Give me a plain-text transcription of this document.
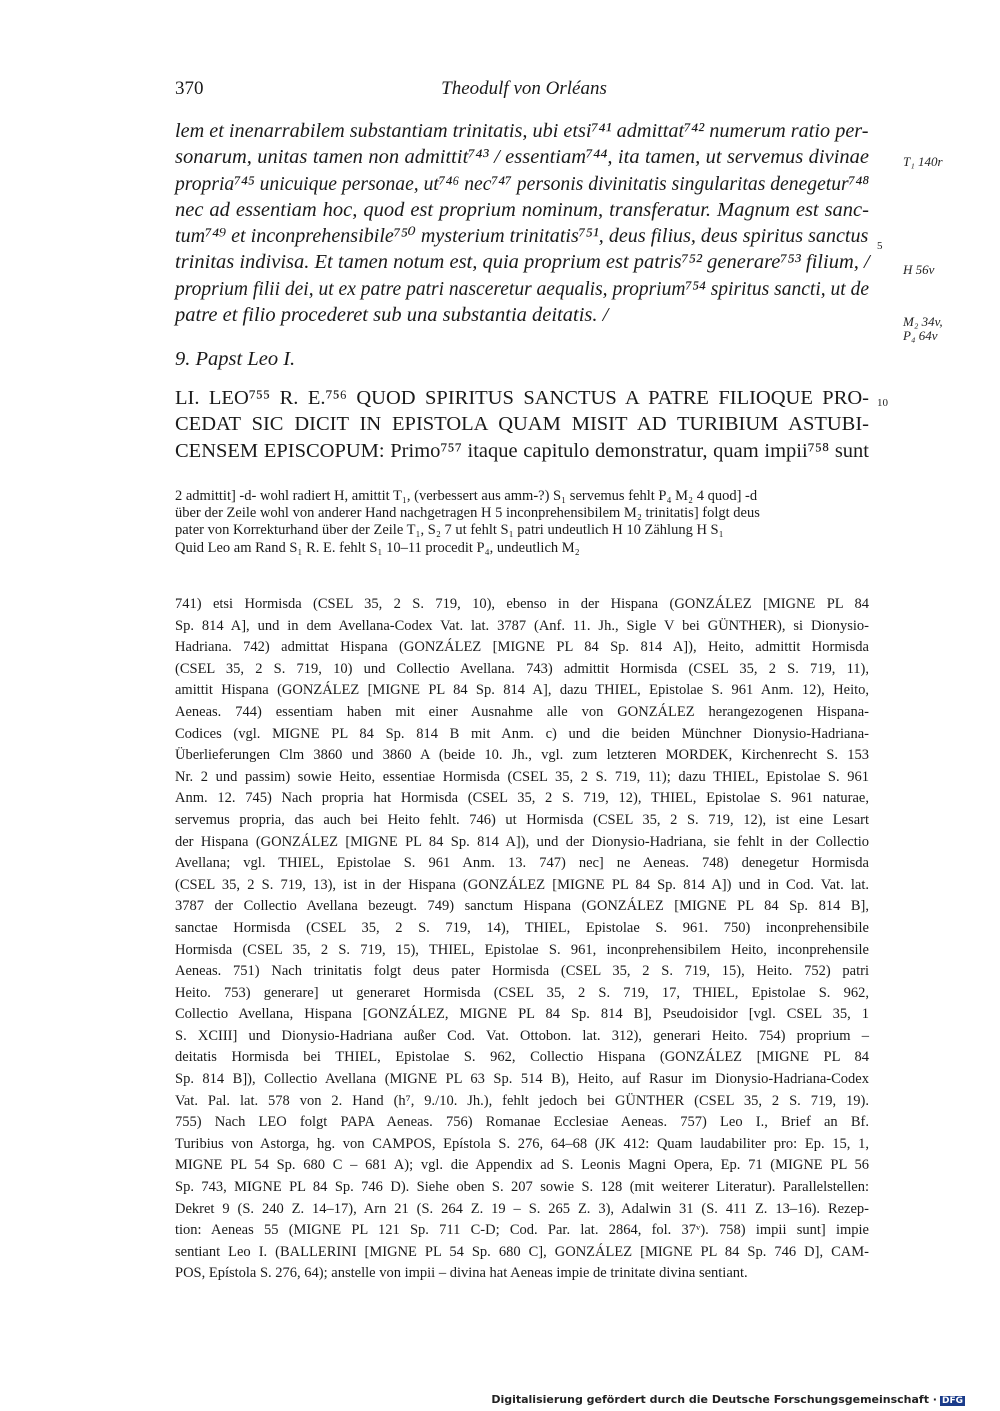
370	Theodulf von Orléans
lem et inenarrabilem substantiam trinitatis, ubi etsi⁷⁴¹ admittat⁷⁴² numerum ratio per-
sonarum, unitas tamen non admittit⁷⁴³ / essentiam⁷⁴⁴, ita tamen, ut servemus divinae
propria⁷⁴⁵ unicuique personae, ut⁷⁴⁶ nec⁷⁴⁷ personis divinitatis singularitas denegetur⁷⁴⁸
nec ad essentiam hoc, quod est proprium nominum, transferatur. Magnum est sanc-
tum⁷⁴⁹ et inconprehensibile⁷⁵⁰ mysterium trinitatis⁷⁵¹, deus filius, deus spiritus sanctus
trinitas indivisa. Et tamen notum est, quia proprium est patris⁷⁵² generare⁷⁵³ filium, /
proprium filii dei, ut ex patre patri nasceretur aequalis, proprium⁷⁵⁴ spiritus sancti, ut de
patre et filio procederet sub una substantia deitatis. /
T₁ 140r
H 56v
M₂ 34v,
P₄ 64v
5
10
9. Papst Leo I.
LI. LEO⁷⁵⁵ R. E.⁷⁵⁶ QUOD SPIRITUS SANCTUS A PATRE FILIOQUE PRO-
CEDAT SIC DICIT IN EPISTOLA QUAM MISIT AD TURIBIUM ASTUBI-
CENSEM EPISCOPUM: Primo⁷⁵⁷ itaque capitulo demonstratur, quam impii⁷⁵⁸ sunt
2 admittit] -d- wohl radiert H, amittit T₁, (verbessert aus amm-?) S₁ servemus fehlt P₄ M₂ 4 quod] -d
über der Zeile wohl von anderer Hand nachgetragen H 5 inconprehensibilem M₂ trinitatis] folgt deus
pater von Korrekturhand über der Zeile T₁, S₂ 7 ut fehlt S₁ patri undeutlich H 10 Zählung H S₁
Quid Leo am Rand S₁ R. E. fehlt S₁ 10–11 procedit P₄, undeutlich M₂
741) etsi Hormisda (CSEL 35, 2 S. 719, 10), ebenso in der Hispana (GONZÁLEZ [MIGNE PL 84
Sp. 814 A], und in dem Avellana-Codex Vat. lat. 3787 (Anf. 11. Jh., Sigle V bei GÜNTHER), si Dionysio-
Hadriana. 742) admittat Hispana (GONZÁLEZ [MIGNE PL 84 Sp. 814 A]), Heito, admittit Hormisda
(CSEL 35, 2 S. 719, 10) und Collectio Avellana. 743) admittit Hormisda (CSEL 35, 2 S. 719, 11),
amittit Hispana (GONZÁLEZ [MIGNE PL 84 Sp. 814 A], dazu THIEL, Epistolae S. 961 Anm. 12), Heito,
Aeneas. 744) essentiam haben mit einer Ausnahme alle von GONZÁLEZ herangezogenen Hispana-
Codices (vgl. MIGNE PL 84 Sp. 814 B mit Anm. c) und die beiden Münchner Dionysio-Hadriana-
Überlieferungen Clm 3860 und 3860 A (beide 10. Jh., vgl. zum letzteren MORDEK, Kirchenrecht S. 153
Nr. 2 und passim) sowie Heito, essentiae Hormisda (CSEL 35, 2 S. 719, 11); dazu THIEL, Epistolae S. 961
Anm. 12. 745) Nach propria hat Hormisda (CSEL 35, 2 S. 719, 12), THIEL, Epistolae S. 961 naturae,
servemus propria, das auch bei Heito fehlt. 746) ut Hormisda (CSEL 35, 2 S. 719, 12), ist eine Lesart
der Hispana (GONZÁLEZ [MIGNE PL 84 Sp. 814 A]), und der Dionysio-Hadriana, sie fehlt in der Collectio
Avellana; vgl. THIEL, Epistolae S. 961 Anm. 13. 747) nec] ne Aeneas. 748) denegetur Hormisda
(CSEL 35, 2 S. 719, 13), ist in der Hispana (GONZÁLEZ [MIGNE PL 84 Sp. 814 A]) und in Cod. Vat. lat.
3787 der Collectio Avellana bezeugt. 749) sanctum Hispana (GONZÁLEZ [MIGNE PL 84 Sp. 814 B],
sanctae Hormisda (CSEL 35, 2 S. 719, 14), THIEL, Epistolae S. 961. 750) inconprehensibile
Hormisda (CSEL 35, 2 S. 719, 15), THIEL, Epistolae S. 961, inconprehensibilem Heito, inconprehensile
Aeneas. 751) Nach trinitatis folgt deus pater Hormisda (CSEL 35, 2 S. 719, 15), Heito. 752) patri
Heito. 753) generare] ut generaret Hormisda (CSEL 35, 2 S. 719, 17, THIEL, Epistolae S. 962,
Collectio Avellana, Hispana [GONZÁLEZ, MIGNE PL 84 Sp. 814 B], Pseudoisidor [vgl. CSEL 35, 1
S. XCIII] und Dionysio-Hadriana außer Cod. Vat. Ottobon. lat. 312), generari Heito. 754) proprium –
deitatis Hormisda bei THIEL, Epistolae S. 962, Collectio Hispana (GONZÁLEZ [MIGNE PL 84
Sp. 814 B]), Collectio Avellana (MIGNE PL 63 Sp. 514 B), Heito, auf Rasur im Dionysio-Hadriana-Codex
Vat. Pal. lat. 578 von 2. Hand (h⁷, 9./10. Jh.), fehlt jedoch bei GÜNTHER (CSEL 35, 2 S. 719, 19).
755) Nach LEO folgt PAPA Aeneas. 756) Romanae Ecclesiae Aeneas. 757) Leo I., Brief an Bf.
Turibius von Astorga, hg. von CAMPOS, Epístola S. 276, 64–68 (JK 412: Quam laudabiliter pro: Ep. 15, 1,
MIGNE PL 54 Sp. 680 C – 681 A); vgl. die Appendix ad S. Leonis Magni Opera, Ep. 71 (MIGNE PL 56
Sp. 743, MIGNE PL 84 Sp. 746 D). Siehe oben S. 207 sowie S. 128 (mit weiterer Literatur). Parallelstellen:
Dekret 9 (S. 240 Z. 14–17), Arn 21 (S. 264 Z. 19 – S. 265 Z. 3), Adalwin 31 (S. 411 Z. 13–16). Rezep-
tion: Aeneas 55 (MIGNE PL 121 Sp. 711 C-D; Cod. Par. lat. 2864, fol. 37ᵛ). 758) impii sunt] impie
sentiant Leo I. (BALLERINI [MIGNE PL 54 Sp. 680 C], GONZÁLEZ [MIGNE PL 84 Sp. 746 D], CAM-
POS, Epístola S. 276, 64); anstelle von impii – divina hat Aeneas impie de trinitate divina sentiant.
Digitalisierung gefördert durch die Deutsche Forschungsgemeinschaft · DFG
